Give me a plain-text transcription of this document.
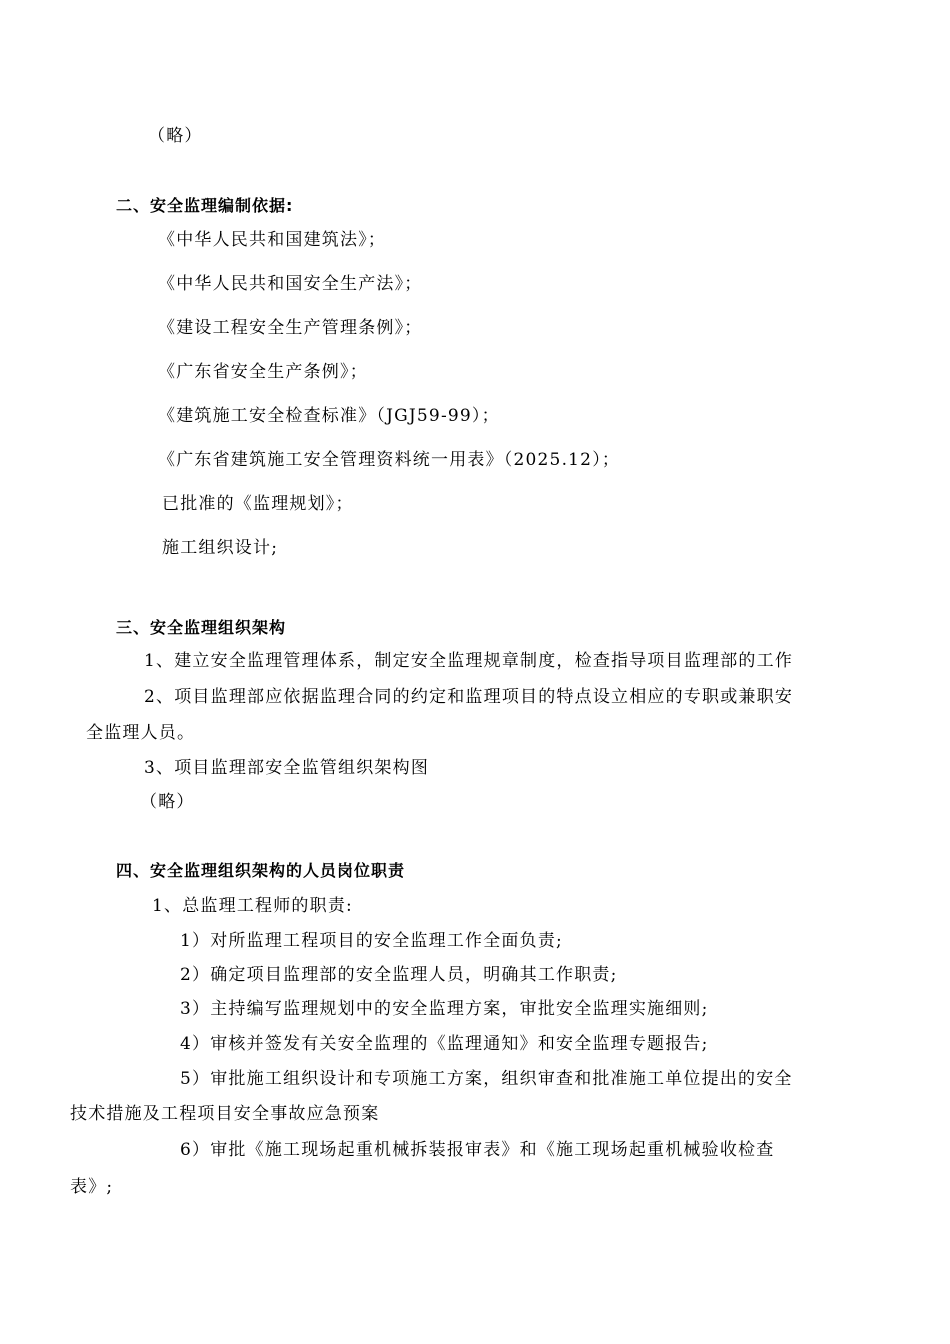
（略）
二、安全监理编制依据:
《中华人民共和国建筑法》；
《中华人民共和国安全生产法》；
《建设工程安全生产管理条例》；
《广东省安全生产条例》；
《建筑施工安全检查标准》（JGJ59-99）；
《广东省建筑施工安全管理资料统一用表》（2025.12）；
已批准的《监理规划》；
施工组织设计;
三、安全监理组织架构
1、建立安全监理管理体系，制定安全监理规章制度，检查指导项目监理部的工作
2、项目监理部应依据监理合同的约定和监理项目的特点设立相应的专职或兼职安
全监理人员。
3、项目监理部安全监管组织架构图
（略）
四、安全监理组织架构的人员岗位职责
1、总监理工程师的职责:
1）对所监理工程项目的安全监理工作全面负责;
2）确定项目监理部的安全监理人员，明确其工作职责;
3）主持编写监理规划中的安全监理方案，审批安全监理实施细则;
4）审核并签发有关安全监理的《监理通知》和安全监理专题报告;
5）审批施工组织设计和专项施工方案，组织审查和批准施工单位提出的安全
技术措施及工程项目安全事故应急预案
6）审批《施工现场起重机械拆装报审表》和《施工现场起重机械验收检查
表》;
